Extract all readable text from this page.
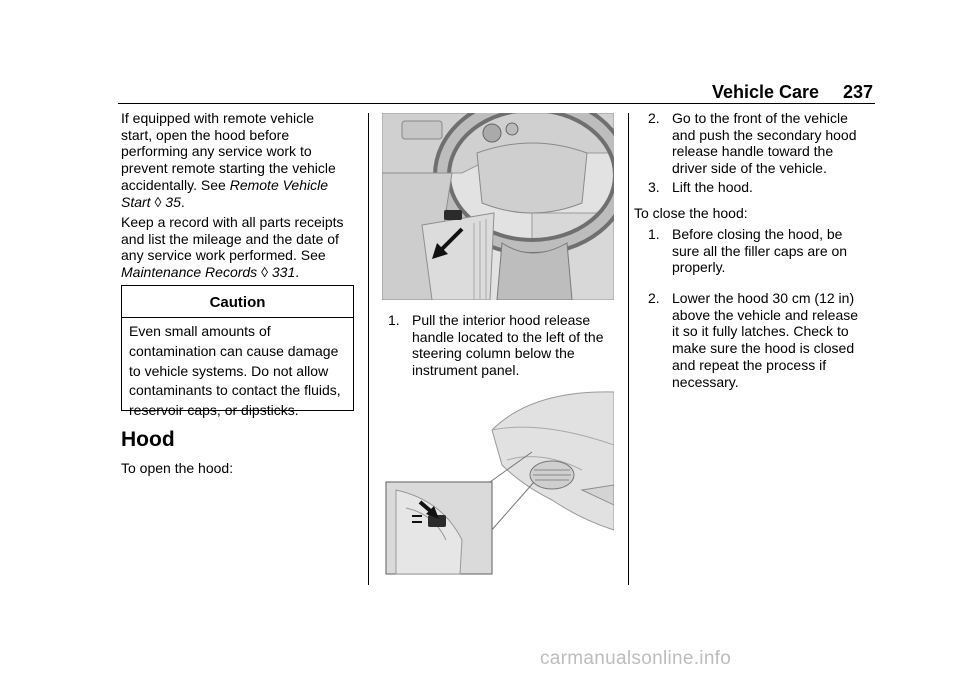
Vehicle Care 237
If equipped with remote vehicle
start, open the hood before
performing any service work to
prevent remote starting the vehicle
accidentally. See Remote Vehicle
Start ◊ 35.
Keep a record with all parts receipts
and list the mileage and the date of
any service work performed. See
Maintenance Records ◊ 331.
Caution
Even small amounts of
contamination can cause damage
to vehicle systems. Do not allow
contaminants to contact the fluids,
reservoir caps, or dipsticks.
Hood
To open the hood:
1. Pull the interior hood release
handle located to the left of the
steering column below the
instrument panel.
2. Go to the front of the vehicle
and push the secondary hood
release handle toward the
driver side of the vehicle.
3. Lift the hood.
To close the hood:
1. Before closing the hood, be
sure all the filler caps are on
properly.
2. Lower the hood 30 cm (12 in)
above the vehicle and release
it so it fully latches. Check to
make sure the hood is closed
and repeat the process if
necessary.
carmanualsonline.info
